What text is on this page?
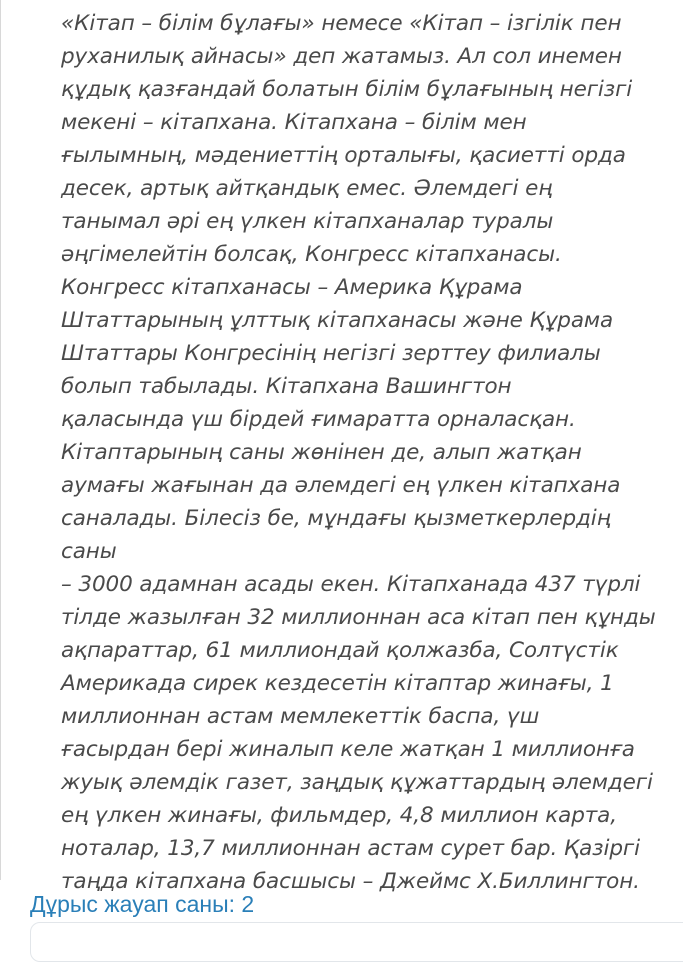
«Кітап – білім бұлағы» немесе «Кітап – ізгілік пен
руханилық айнасы» деп жатамыз. Ал сол инемен
құдық қазғандай болатын білім бұлағының негізгі
мекені – кітапхана. Кітапхана – білім мен
ғылымның, мәдениеттің орталығы, қасиетті орда
десек, артық айтқандық емес. Әлемдегі ең
танымал әрі ең үлкен кітапханалар туралы
әңгімелейтін болсақ, Конгресс кітапханасы.
Конгресс кітапханасы – Америка Құрама
Штаттарының ұлттық кітапханасы және Құрама
Штаттары Конгресінің негізгі зерттеу филиалы
болып табылады. Кітапхана Вашингтон
қаласында үш бірдей ғимаратта орналасқан.
Кітаптарының саны жөнінен де, алып жатқан
аумағы жағынан да әлемдегі ең үлкен кітапхана
саналады. Білесіз бе, мұндағы қызметкерлердің саны
– 3000 адамнан асады екен. Кітапханада 437 түрлі
тілде жазылған 32 миллионнан аса кітап пен құнды
ақпараттар, 61 миллиондай қолжазба, Солтүстік
Америкада сирек кездесетін кітаптар жинағы, 1
миллионнан астам мемлекеттік баспа, үш
ғасырдан бері жиналып келе жатқан 1 миллионға
жуық әлемдік газет, заңдық құжаттардың әлемдегі
ең үлкен жинағы, фильмдер, 4,8 миллион карта,
ноталар, 13,7 миллионнан астам сурет бар. Қазіргі
таңда кітапхана басшысы – Джеймс Х.Биллингтон.

Дұрыс жауап саны: 2
